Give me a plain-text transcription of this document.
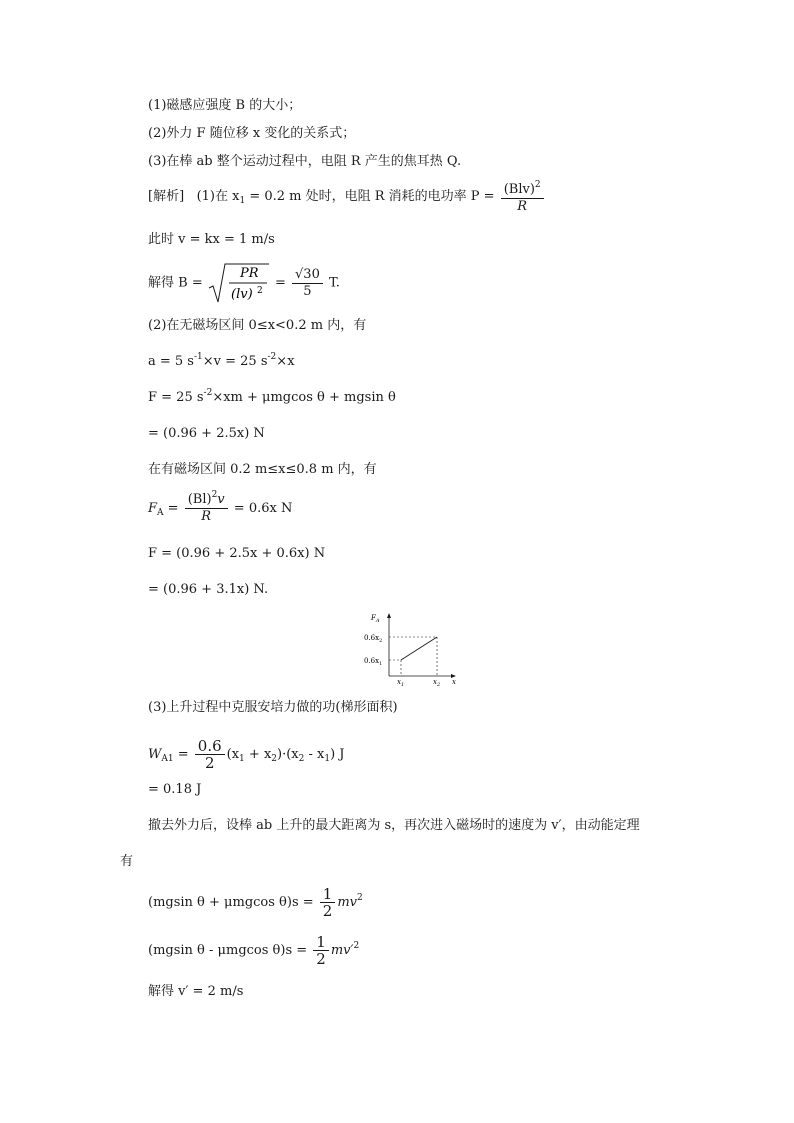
(1)磁感应强度 B 的大小；
(2)外力 F 随位移 x 变化的关系式；
(3)在棒 ab 整个运动过程中，电阻 R 产生的焦耳热 Q.
[解析] (1)在 $x_1 = 0.2$ m 处时，电阻 R 消耗的电功率 $P = \frac{(Blv)^2}{R}$
此时 v = kx = 1 m/s
解得 B =
PR
(lv) 2
= $\frac{√30}{5} T$.
(2)在无磁场区间 0≤x<0.2 m 内，有
a = 5 $s^{-1}\times v = 25$ $s^{-2}\times x$
F = 25 $s^{-2}\times xm + \mu mgcos$ θ + mgsin θ
= (0.96 + 2.5x) N
在有磁场区间 0.2 m≤x≤0.8 m 内，有
$F_A = \frac{(Bl)^2v}{R} = 0.6x$ N
F = (0.96 + 2.5x + 0.6x) N
= (0.96 + 3.1x) N.
$F_A$
$0.6x_2$
$0.6x_1$
$x_1$	$x_2$ x
(3)上升过程中克服安培力做的功(梯形面积)
$W_{A1} = \frac{0.6}{2} (x_1 + x_2)\cdot(x_2 - x_1)$ J
= 0.18 J
撤去外力后，设棒 ab 上升的最大距离为 s，再次进入磁场时的速度为 v′，由动能定理
有
(mgsin θ + μmgcos $\theta)s = \frac{1}{2} mv^2$
(mgsin θ - μmgcos $\theta)s = \frac{1}{2} mv'^2$
解得 v′ = 2 m/s
